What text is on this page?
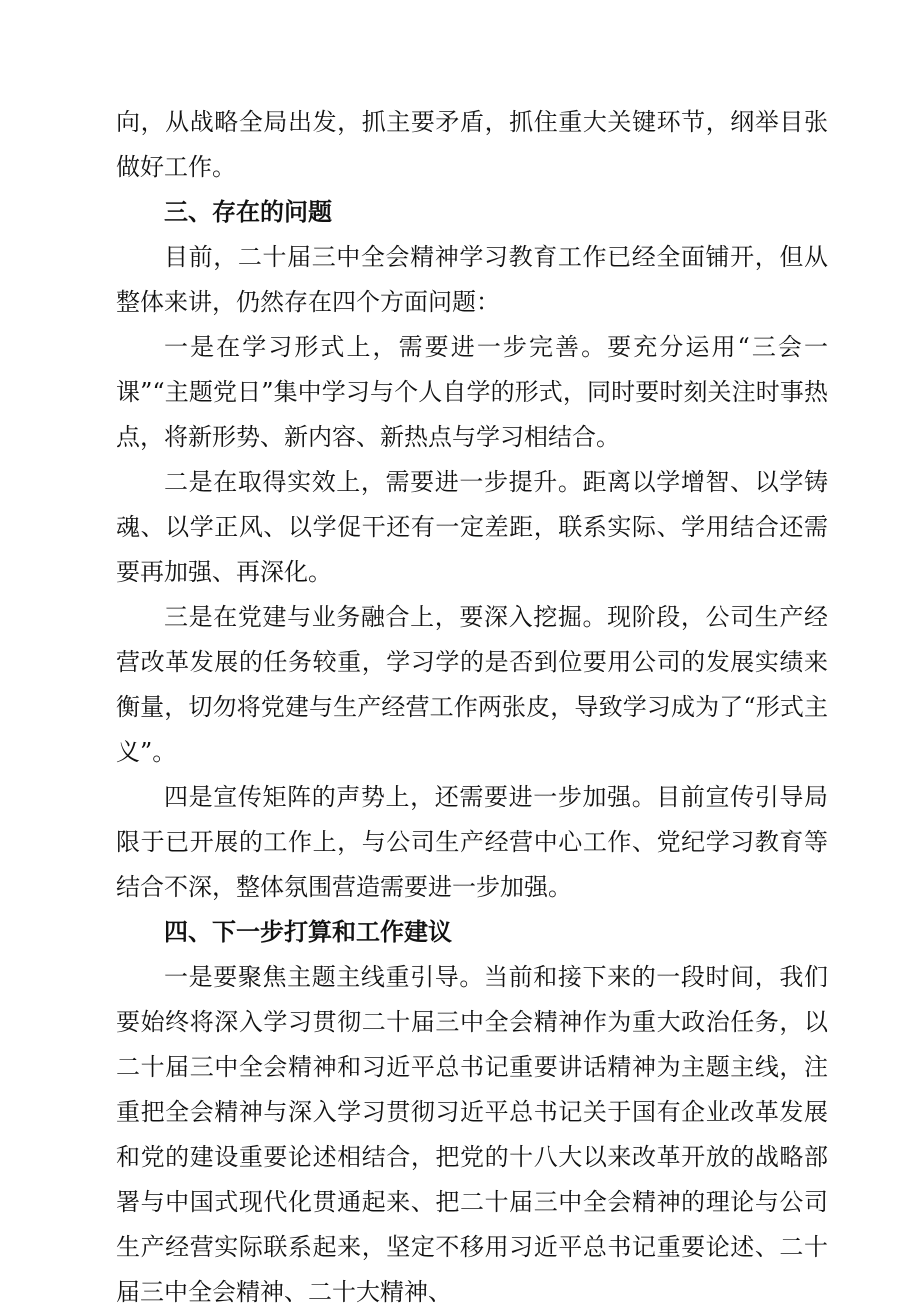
向，从战略全局出发，抓主要矛盾，抓住重大关键环节，纲举目张做好工作。

三、存在的问题

目前，二十届三中全会精神学习教育工作已经全面铺开，但从整体来讲，仍然存在四个方面问题：

一是在学习形式上，需要进一步完善。要充分运用“三会一课”“主题党日”集中学习与个人自学的形式，同时要时刻关注时事热点，将新形势、新内容、新热点与学习相结合。

二是在取得实效上，需要进一步提升。距离以学增智、以学铸魂、以学正风、以学促干还有一定差距，联系实际、学用结合还需要再加强、再深化。

三是在党建与业务融合上，要深入挖掘。现阶段，公司生产经营改革发展的任务较重，学习学的是否到位要用公司的发展实绩来衡量，切勿将党建与生产经营工作两张皮，导致学习成为了“形式主义”。

四是宣传矩阵的声势上，还需要进一步加强。目前宣传引导局限于已开展的工作上，与公司生产经营中心工作、党纪学习教育等结合不深，整体氛围营造需要进一步加强。

四、下一步打算和工作建议

一是要聚焦主题主线重引导。当前和接下来的一段时间，我们要始终将深入学习贯彻二十届三中全会精神作为重大政治任务，以二十届三中全会精神和习近平总书记重要讲话精神为主题主线，注重把全会精神与深入学习贯彻习近平总书记关于国有企业改革发展和党的建设重要论述相结合，把党的十八大以来改革开放的战略部署与中国式现代化贯通起来、把二十届三中全会精神的理论与公司生产经营实际联系起来，坚定不移用习近平总书记重要论述、二十届三中全会精神、二十大精神、
